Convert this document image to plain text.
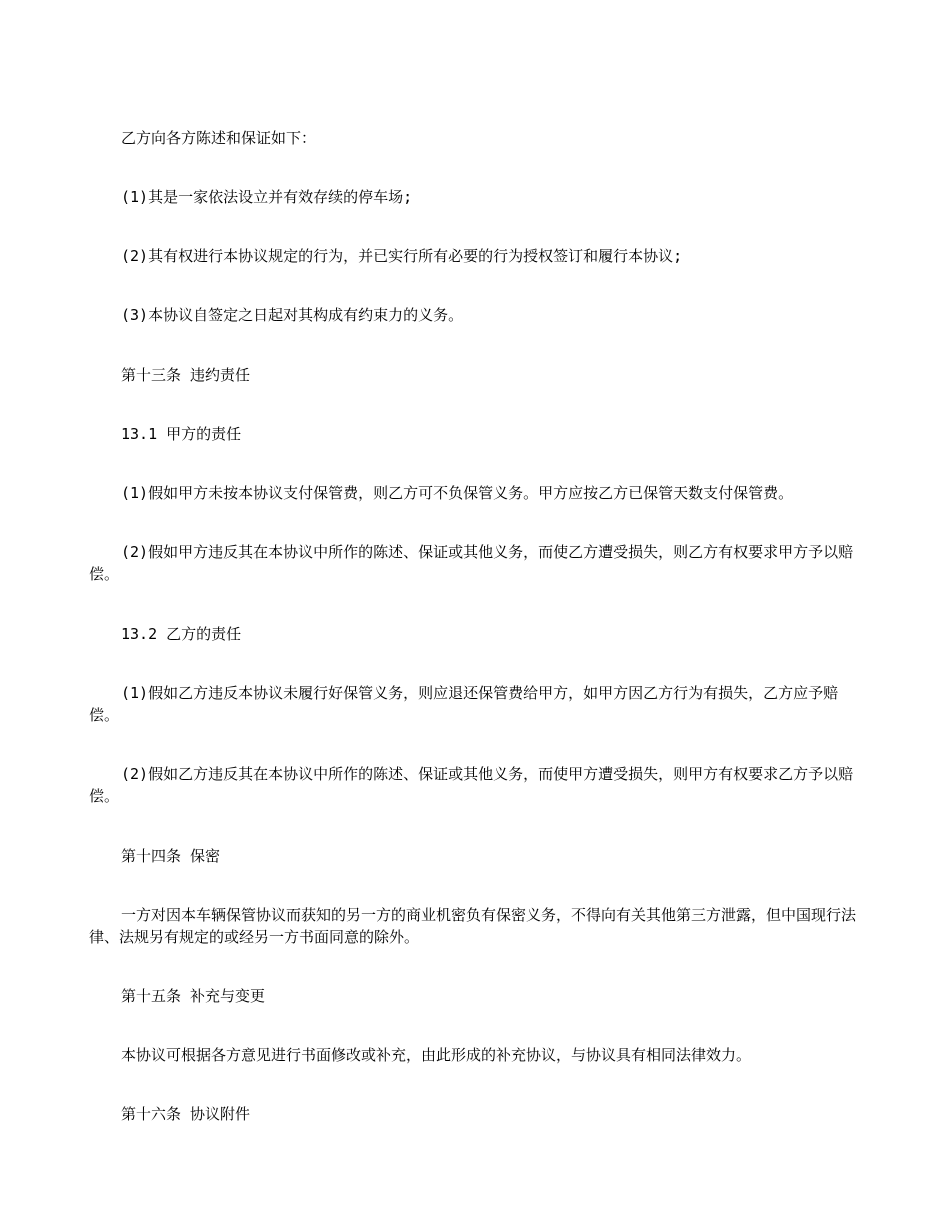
乙方向各方陈述和保证如下：

(1)其是一家依法设立并有效存续的停车场;

(2)其有权进行本协议规定的行为，并已实行所有必要的行为授权签订和履行本协议;

(3)本协议自签定之日起对其构成有约束力的义务。

第十三条 违约责任

13.1 甲方的责任

(1)假如甲方未按本协议支付保管费，则乙方可不负保管义务。甲方应按乙方已保管天数支付保管费。

(2)假如甲方违反其在本协议中所作的陈述、保证或其他义务，而使乙方遭受损失，则乙方有权要求甲方予以赔偿。

13.2 乙方的责任

(1)假如乙方违反本协议未履行好保管义务，则应退还保管费给甲方，如甲方因乙方行为有损失，乙方应予赔偿。

(2)假如乙方违反其在本协议中所作的陈述、保证或其他义务，而使甲方遭受损失，则甲方有权要求乙方予以赔偿。

第十四条 保密

一方对因本车辆保管协议而获知的另一方的商业机密负有保密义务，不得向有关其他第三方泄露，但中国现行法律、法规另有规定的或经另一方书面同意的除外。

第十五条 补充与变更

本协议可根据各方意见进行书面修改或补充，由此形成的补充协议，与协议具有相同法律效力。

第十六条 协议附件
